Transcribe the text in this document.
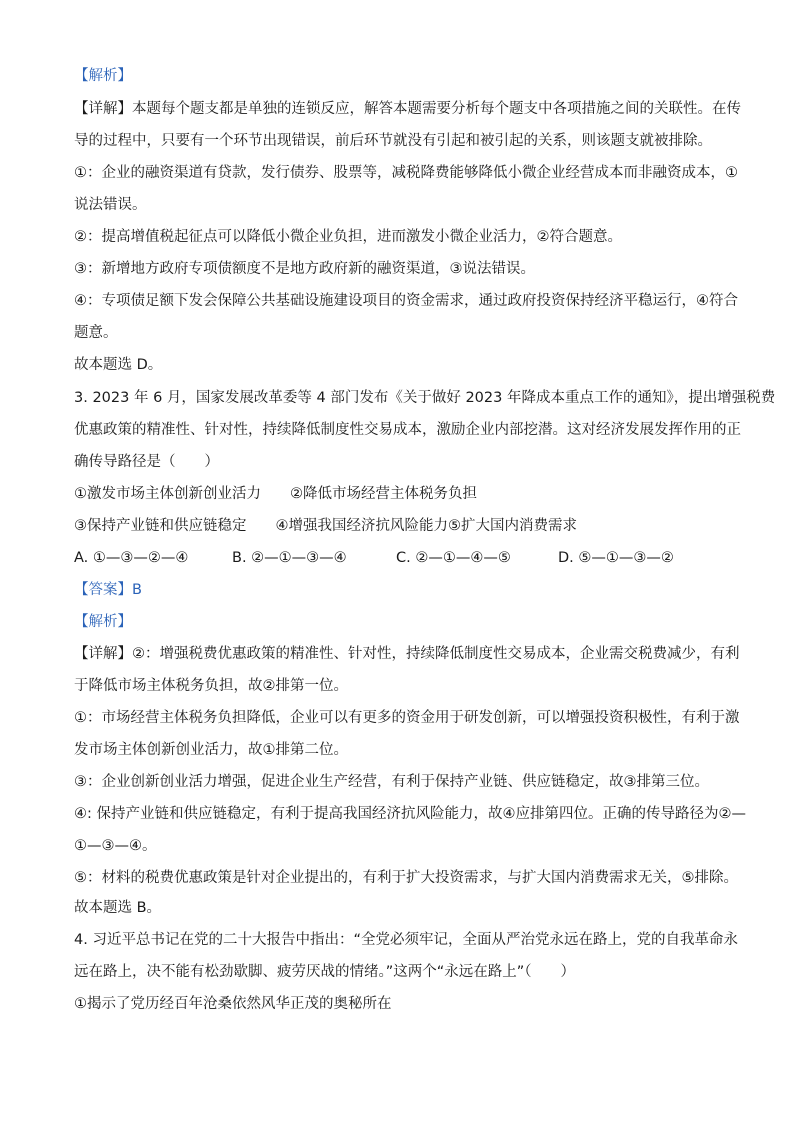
【解析】
【详解】本题每个题支都是单独的连锁反应，解答本题需要分析每个题支中各项措施之间的关联性。在传
导的过程中，只要有一个环节出现错误，前后环节就没有引起和被引起的关系，则该题支就被排除。
①：企业的融资渠道有贷款，发行债券、股票等，减税降费能够降低小微企业经营成本而非融资成本，①
说法错误。
②：提高增值税起征点可以降低小微企业负担，进而激发小微企业活力，②符合题意。
③：新增地方政府专项债额度不是地方政府新的融资渠道，③说法错误。
④：专项债足额下发会保障公共基础设施建设项目的资金需求，通过政府投资保持经济平稳运行，④符合
题意。
故本题选 D。
3. 2023 年 6 月，国家发展改革委等 4 部门发布《关于做好 2023 年降成本重点工作的通知》，提出增强税费
优惠政策的精准性、针对性，持续降低制度性交易成本，激励企业内部挖潜。这对经济发展发挥作用的正
确传导路径是（　　）
①激发市场主体创新创业活力　　②降低市场经营主体税务负担
③保持产业链和供应链稳定　　④增强我国经济抗风险能力⑤扩大国内消费需求
【答案】B
【解析】
【详解】②：增强税费优惠政策的精准性、针对性，持续降低制度性交易成本，企业需交税费减少，有利
于降低市场主体税务负担，故②排第一位。
①：市场经营主体税务负担降低，企业可以有更多的资金用于研发创新，可以增强投资积极性，有利于激
发市场主体创新创业活力，故①排第二位。
③：企业创新创业活力增强，促进企业生产经营，有利于保持产业链、供应链稳定，故③排第三位。
④: 保持产业链和供应链稳定，有利于提高我国经济抗风险能力，故④应排第四位。正确的传导路径为②—
①—③—④。
⑤：材料的税费优惠政策是针对企业提出的，有利于扩大投资需求，与扩大国内消费需求无关，⑤排除。
故本题选 B。
4. 习近平总书记在党的二十大报告中指出：“全党必须牢记，全面从严治党永远在路上，党的自我革命永
远在路上，决不能有松劲歇脚、疲劳厌战的情绪。”这两个“永远在路上”（　　）
①揭示了党历经百年沧桑依然风华正茂的奥秘所在
A. ①—③—②—④	B. ②—①—③—④	C. ②—①—④—⑤	D. ⑤—①—③—②
